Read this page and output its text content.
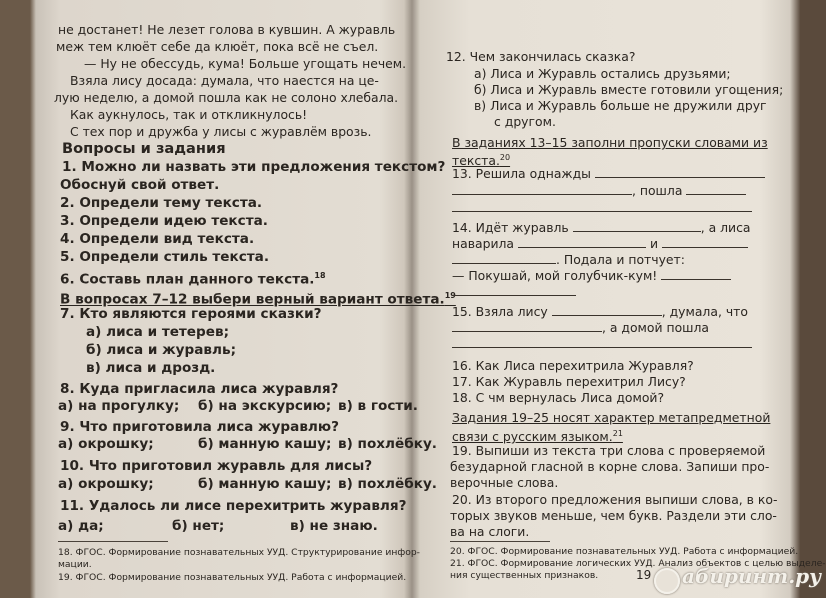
не достанет! Не лезет голова в кувшин. А журавль
меж тем клюёт себе да клюёт, пока всё не съел.
— Ну не обессудь, кума! Больше угощать нечем.
Взяла лису досада: думала, что наестся на це-
лую неделю, а домой пошла как не солоно хлебала.
Как аукнулось, так и откликнулось!
С тех пор и дружба у лисы с журавлём врозь.
Вопросы и задания
1. Можно ли назвать эти предложения текстом?
Обоснуй свой ответ.
2. Определи тему текста.
3. Определи идею текста.
4. Определи вид текста.
5. Определи стиль текста.
6. Составь план данного текста.$^{18}$
В вопросах 7–12 выбери верный вариант ответа.$^{19}$
7. Кто являются героями сказки?
а) лиса и тетерев;
б) лиса и журавль;
в) лиса и дрозд.
8. Куда пригласила лиса журавля?
а) на прогулку; б) на экскурсию; в) в гости.
9. Что приготовила лиса журавлю?
а) окрошку;	б) манную кашу; в) похлёбку.
10. Что приготовил журавль для лисы?
а) окрошку;	б) манную кашу; в) похлёбку.
11. Удалось ли лисе перехитрить журавля?
а) да;	б) нет;	в) не знаю.
18. ФГОС. Формирование познавательных УУД. Структурирование инфор-
мации.
19. ФГОС. Формирование познавательных УУД. Работа с информацией.
12. Чем закончилась сказка?
а) Лиса и Журавль остались друзьями;
б) Лиса и Журавль вместе готовили угощения;
в) Лиса и Журавль больше не дружили друг
с другом.
В заданиях 13–15 заполни пропуски словами из
текста.$^{20}$
13. Решила однажды
, пошла
14. Идёт журавль	, а лиса
наварила	и
. Подала и потчует:
— Покушай, мой голубчик-кум!
15. Взяла лису	, думала, что
, а домой пошла
16. Как Лиса перехитрила Журавля?
17. Как Журавль перехитрил Лису?
18. С чм вернулась Лиса домой?
Задания 19–25 носят характер метапредметной
связи с русским языком.$^{21}$
19. Выпиши из текста три слова с проверяемой
безударной гласной в корне слова. Запиши про-
верочные слова.
20. Из второго предложения выпиши слова, в ко-
торых звуков меньше, чем букв. Раздели эти сло-
ва на слоги.
20. ФГОС. Формирование познавательных УУД. Работа с информацией.
21. ФГОС. Формирование логических УУД. Анализ объектов с целью выделе-
ния существенных признаков.	19 абиринт.ру
